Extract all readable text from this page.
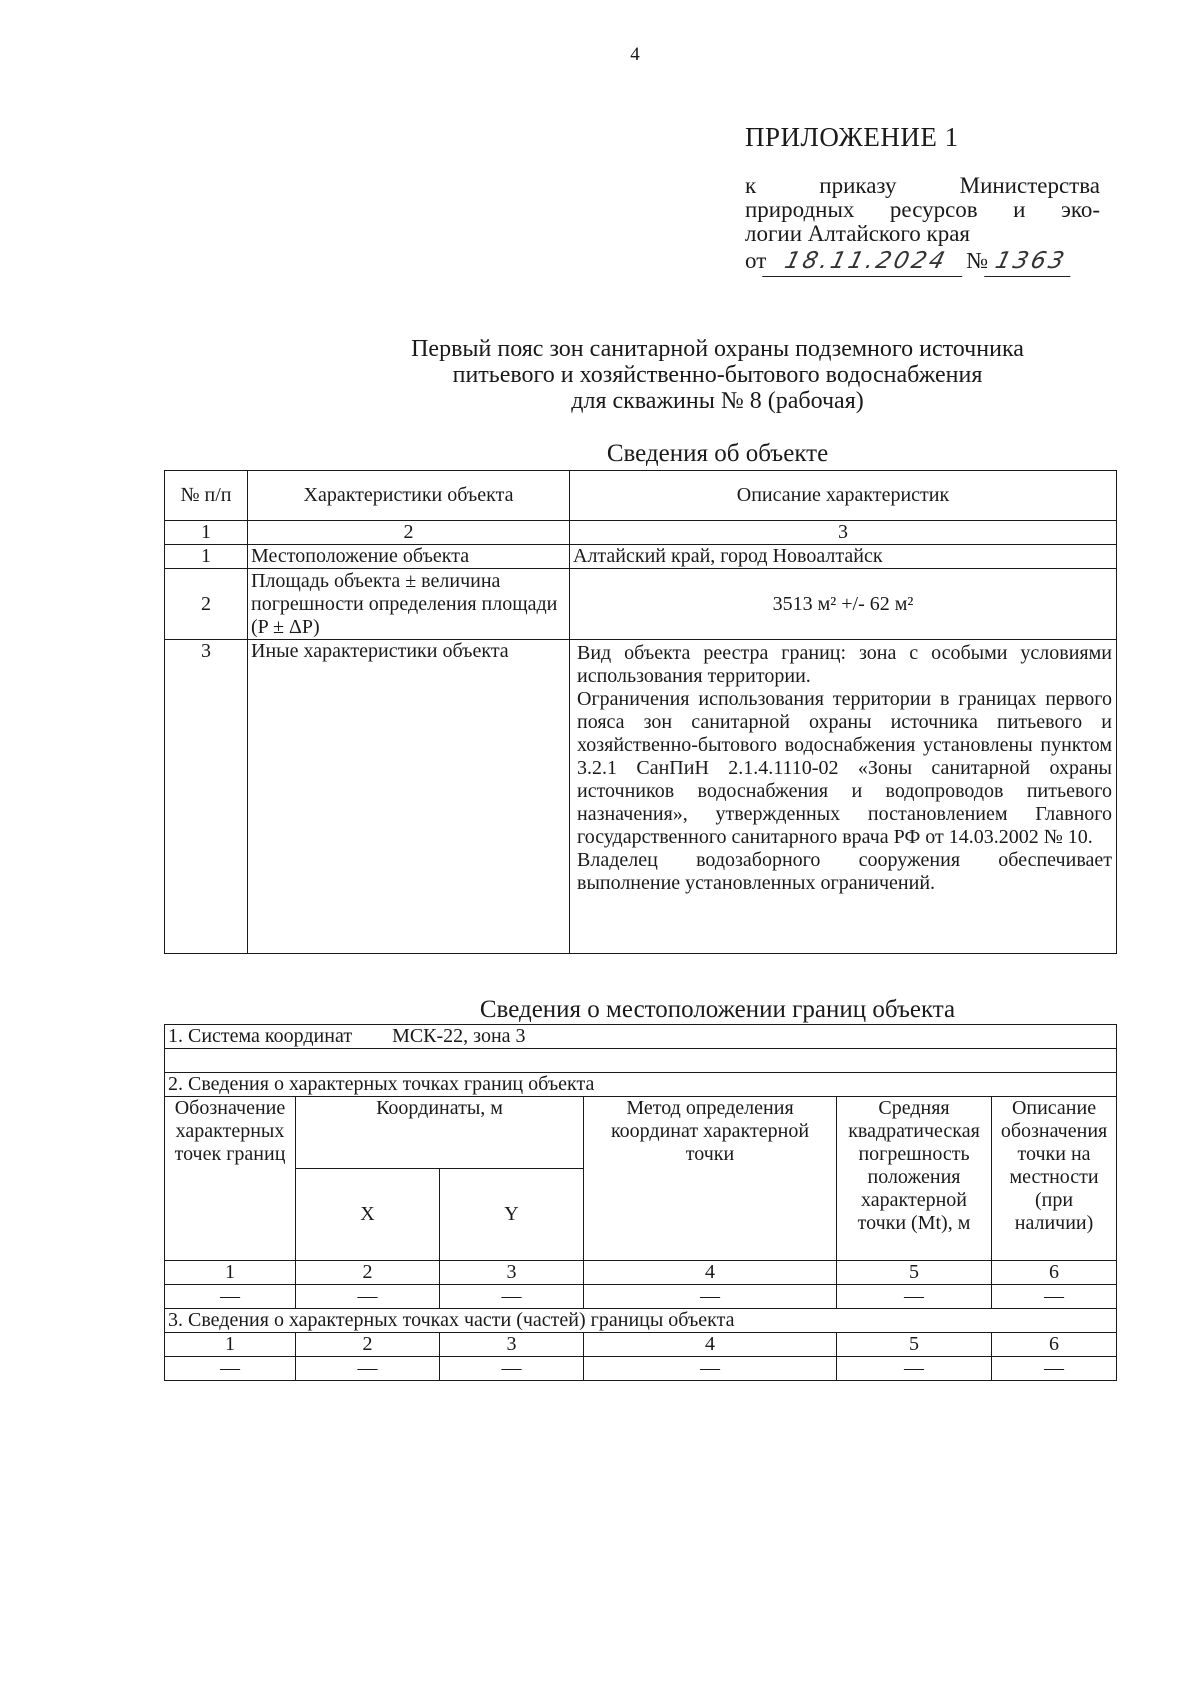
4
ПРИЛОЖЕНИЕ 1
к приказу Министерства
природных ресурсов и эко-
логии Алтайского края
от 18.11.2024 № 1363
Первый пояс зон санитарной охраны подземного источника
питьевого и хозяйственно-бытового водоснабжения
для скважины № 8 (рабочая)
Сведения об объекте
№ п/п	Характеристики объекта	Описание характеристик
1	2	3
1	Местоположение объекта	Алтайский край, город Новоалтайск
2	Площадь объекта ± величина погрешности определения площади (P ± ΔP)	3513 м² +/- 62 м²
3	Иные характеристики объекта	Вид объекта реестра границ: зона с особыми условиями использования территории.

Ограничения использования территории в границах первого пояса зон санитарной охраны источника питьевого и хозяйственно-бытового водоснабжения установлены пунктом 3.2.1 СанПиН 2.1.4.1110-02 «Зоны санитарной охраны источников водоснабжения и водопроводов питьевого назначения», утвержденных постановлением Главного государственного санитарного врача РФ от 14.03.2002 № 10.

Владелец водозаборного сооружения обеспечивает выполнение установленных ограничений.

Сведения о местоположении границ объекта
1. Система координат МСК-22, зона 3					

2. Сведения о характерных точках границ объекта					
Обозначение характерных точек границ	Координаты, м		Метод определения координат характерной точки	Средняя квадратическая погрешность положения характерной точки (Mt), м	Описание обозначения точки на местности (при наличии)
	X	Y			
1	2	3	4	5	6
—	—	—	—	—	—
3. Сведения о характерных точках части (частей) границы объекта					
1	2	3	4	5	6
—	—	—	—	—	—
